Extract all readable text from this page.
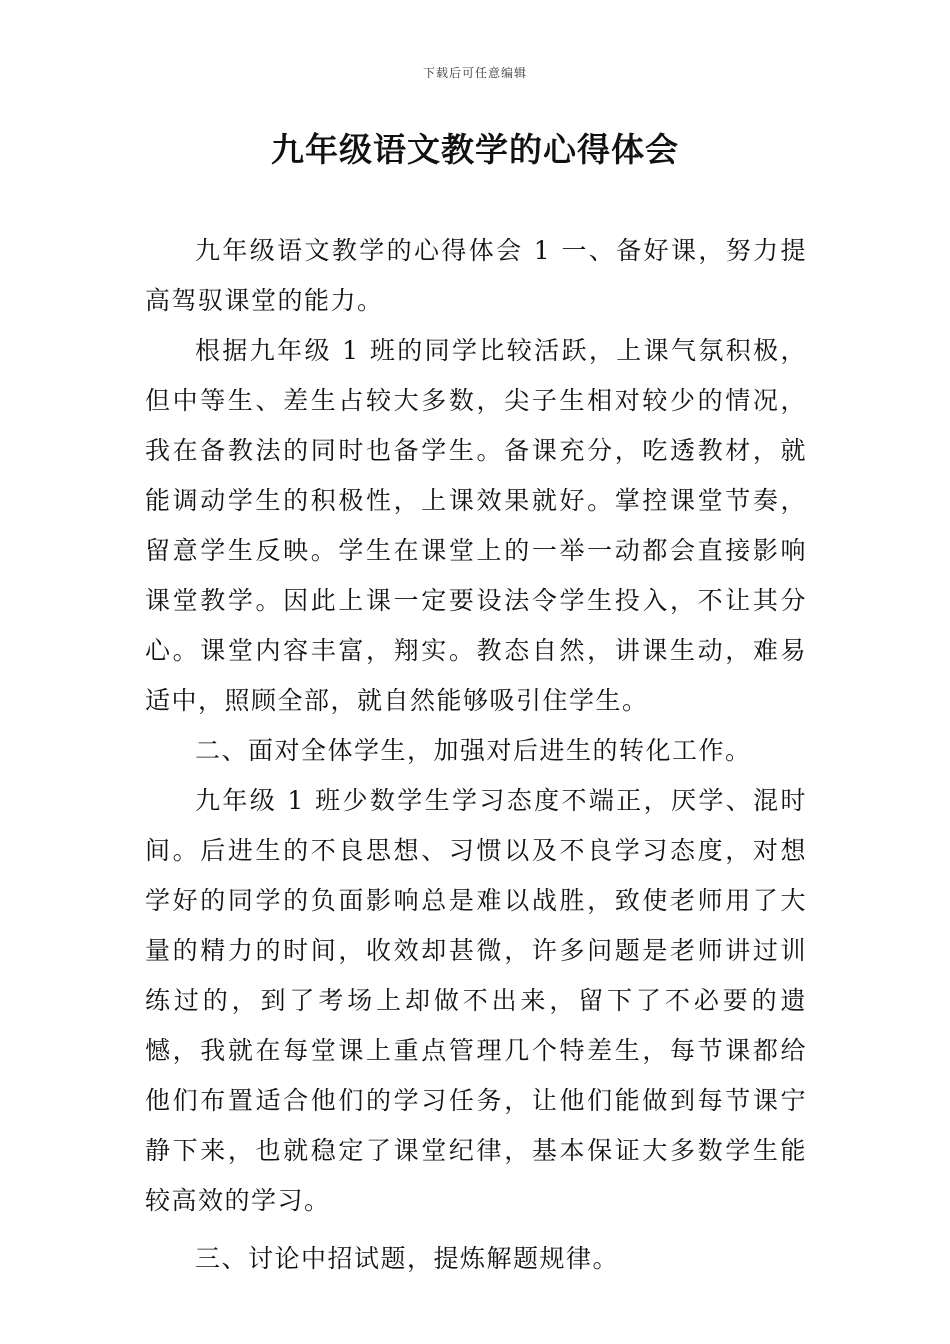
下载后可任意编辑
九年级语文教学的心得体会

九年级语文教学的心得体会 1 一、备好课，努力提高驾驭课堂的能力。

根据九年级 1 班的同学比较活跃，上课气氛积极，但中等生、差生占较大多数，尖子生相对较少的情况，我在备教法的同时也备学生。备课充分，吃透教材，就能调动学生的积极性，上课效果就好。掌控课堂节奏，留意学生反映。学生在课堂上的一举一动都会直接影响课堂教学。因此上课一定要设法令学生投入，不让其分心。课堂内容丰富，翔实。教态自然，讲课生动，难易适中，照顾全部，就自然能够吸引住学生。

二、面对全体学生，加强对后进生的转化工作。

九年级 1 班少数学生学习态度不端正，厌学、混时间。后进生的不良思想、习惯以及不良学习态度，对想学好的同学的负面影响总是难以战胜，致使老师用了大量的精力的时间，收效却甚微，许多问题是老师讲过训练过的，到了考场上却做不出来，留下了不必要的遗憾，我就在每堂课上重点管理几个特差生，每节课都给他们布置适合他们的学习任务，让他们能做到每节课宁静下来，也就稳定了课堂纪律，基本保证大多数学生能较高效的学习。

三、讨论中招试题，提炼解题规律。
